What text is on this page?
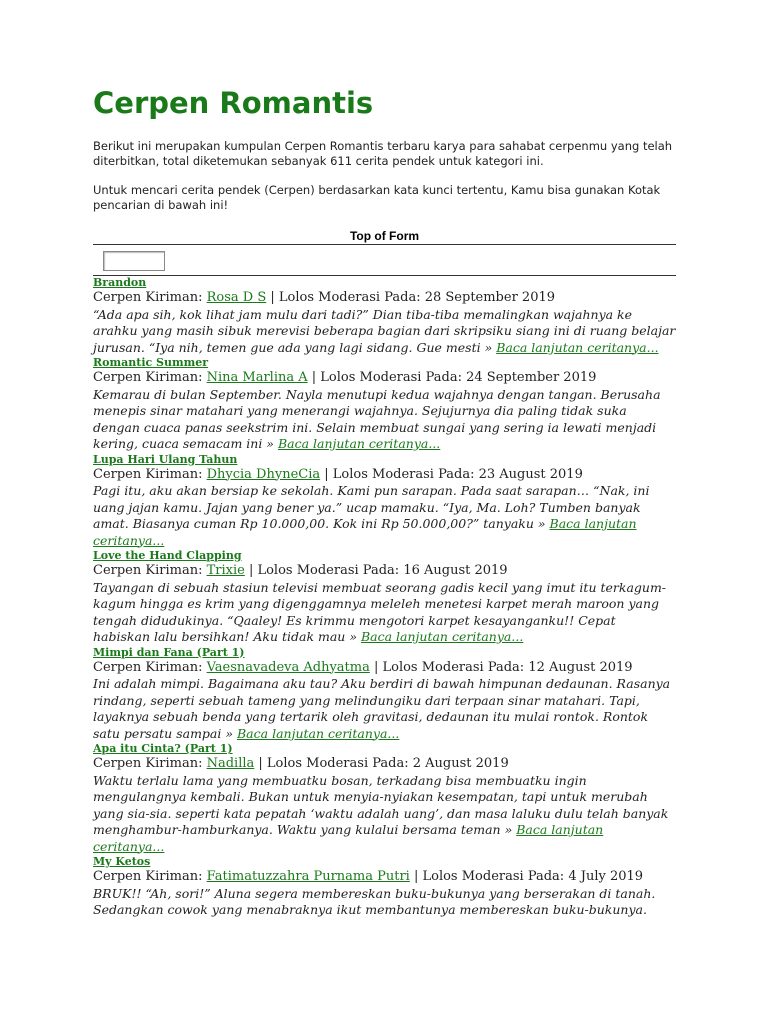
Cerpen Romantis

Berikut ini merupakan kumpulan Cerpen Romantis terbaru karya para sahabat cerpenmu yang telah diterbitkan, total diketemukan sebanyak 611 cerita pendek untuk kategori ini.

Untuk mencari cerita pendek (Cerpen) berdasarkan kata kunci tertentu, Kamu bisa gunakan Kotak pencarian di bawah ini!

Top of Form
Brandon

Cerpen Kiriman: Rosa D S | Lolos Moderasi Pada: 28 September 2019

“Ada apa sih, kok lihat jam mulu dari tadi?” Dian tiba-tiba memalingkan wajahnya ke arahku yang masih sibuk merevisi beberapa bagian dari skripsiku siang ini di ruang belajar jurusan. “Iya nih, temen gue ada yang lagi sidang. Gue mesti » Baca lanjutan ceritanya...

Romantic Summer

Cerpen Kiriman: Nina Marlina A | Lolos Moderasi Pada: 24 September 2019

Kemarau di bulan September. Nayla menutupi kedua wajahnya dengan tangan. Berusaha menepis sinar matahari yang menerangi wajahnya. Sejujurnya dia paling tidak suka dengan cuaca panas seekstrim ini. Selain membuat sungai yang sering ia lewati menjadi kering, cuaca semacam ini » Baca lanjutan ceritanya...

Lupa Hari Ulang Tahun

Cerpen Kiriman: Dhycia DhyneCia | Lolos Moderasi Pada: 23 August 2019

Pagi itu, aku akan bersiap ke sekolah. Kami pun sarapan. Pada saat sarapan… “Nak, ini uang jajan kamu. Jajan yang bener ya.” ucap mamaku. “Iya, Ma. Loh? Tumben banyak amat. Biasanya cuman Rp 10.000,00. Kok ini Rp 50.000,00?” tanyaku » Baca lanjutan ceritanya...

Love the Hand Clapping

Cerpen Kiriman: Trixie | Lolos Moderasi Pada: 16 August 2019

Tayangan di sebuah stasiun televisi membuat seorang gadis kecil yang imut itu terkagum-kagum hingga es krim yang digenggamnya meleleh menetesi karpet merah maroon yang tengah didudukinya. “Qaaley! Es krimmu mengotori karpet kesayanganku!! Cepat habiskan lalu bersihkan! Aku tidak mau » Baca lanjutan ceritanya...

Mimpi dan Fana (Part 1)

Cerpen Kiriman: Vaesnavadeva Adhyatma | Lolos Moderasi Pada: 12 August 2019

Ini adalah mimpi. Bagaimana aku tau? Aku berdiri di bawah himpunan dedaunan. Rasanya rindang, seperti sebuah tameng yang melindungiku dari terpaan sinar matahari. Tapi, layaknya sebuah benda yang tertarik oleh gravitasi, dedaunan itu mulai rontok. Rontok satu persatu sampai » Baca lanjutan ceritanya...

Apa itu Cinta? (Part 1)

Cerpen Kiriman: Nadilla | Lolos Moderasi Pada: 2 August 2019

Waktu terlalu lama yang membuatku bosan, terkadang bisa membuatku ingin mengulangnya kembali. Bukan untuk menyia-nyiakan kesempatan, tapi untuk merubah yang sia-sia. seperti kata pepatah ‘waktu adalah uang’, dan masa laluku dulu telah banyak menghambur-hamburkanya. Waktu yang kulalui bersama teman » Baca lanjutan ceritanya...

My Ketos

Cerpen Kiriman: Fatimatuzzahra Purnama Putri | Lolos Moderasi Pada: 4 July 2019

BRUK!! “Ah, sori!” Aluna segera membereskan buku-bukunya yang berserakan di tanah. Sedangkan cowok yang menabraknya ikut membantunya membereskan buku-bukunya.
